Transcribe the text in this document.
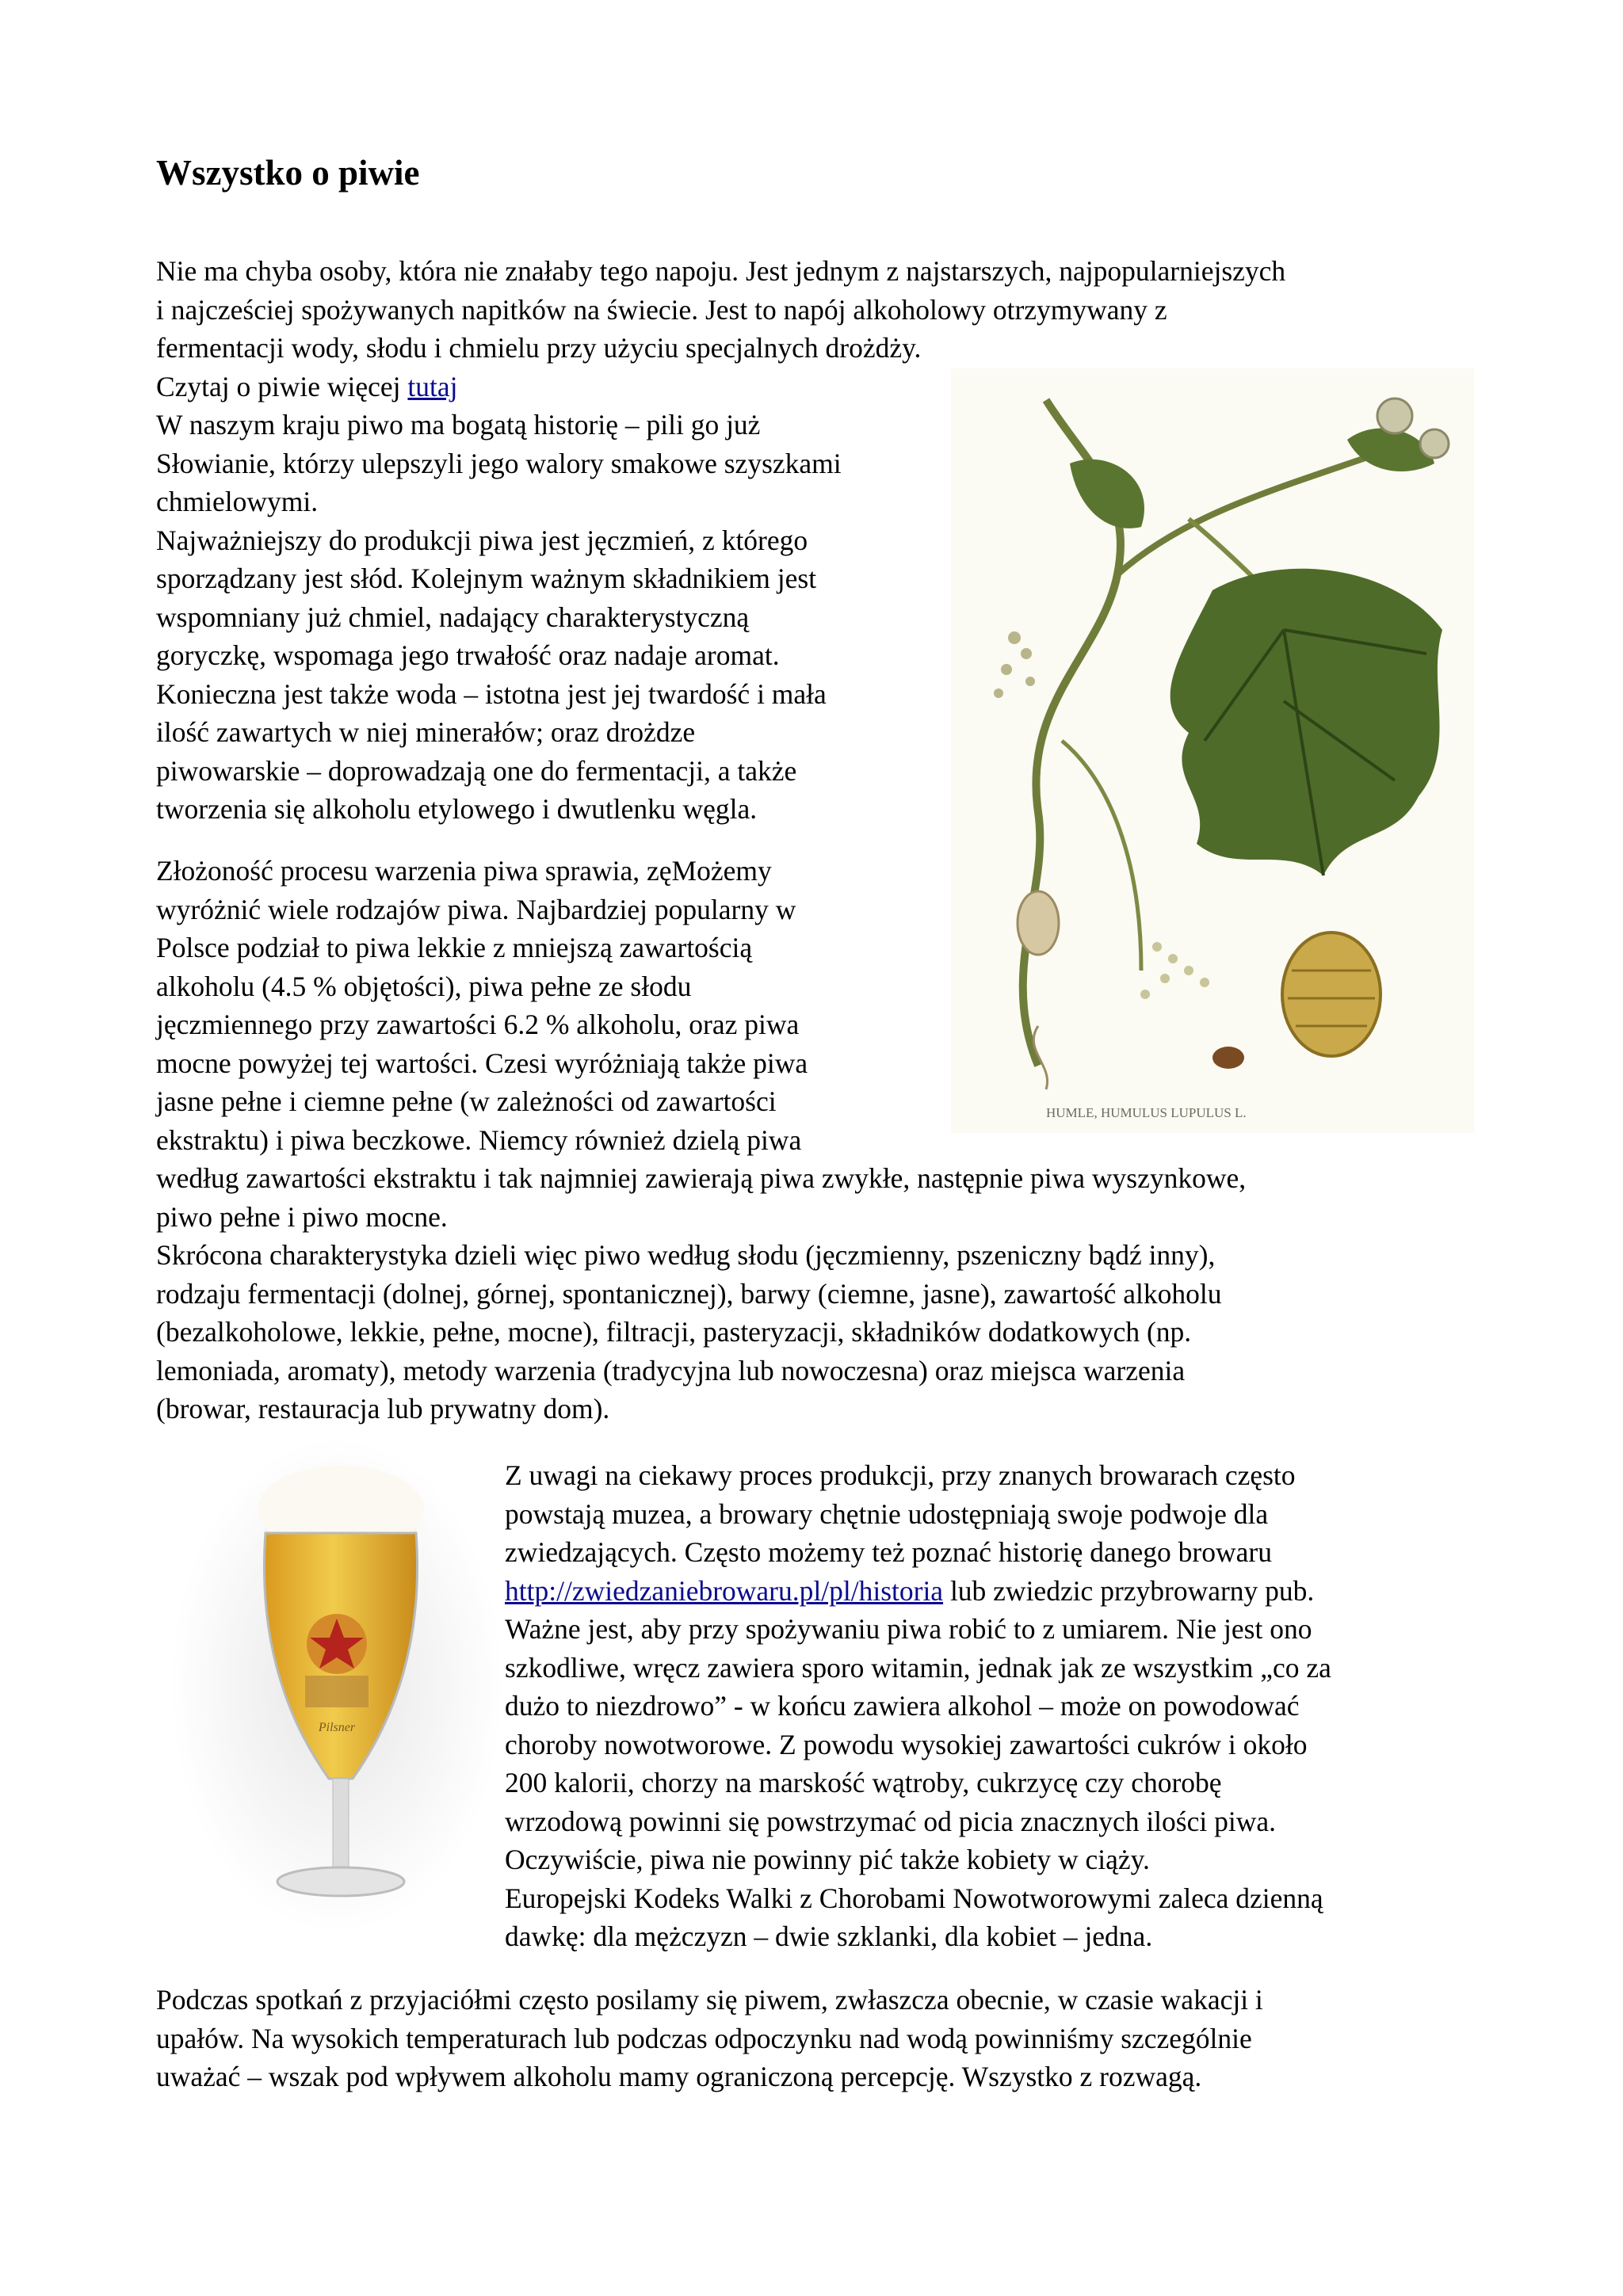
Wszystko o piwie

Nie ma chyba osoby, która nie znałaby tego napoju. Jest jednym z najstarszych, najpopularniejszych

i najcześciej spożywanych napitków na świecie. Jest to napój alkoholowy otrzymywany z

fermentacji wody, słodu i chmielu przy użyciu specjalnych drożdży.

Czytaj o piwie więcej tutaj

W naszym kraju piwo ma bogatą historię – pili go już

Słowianie, którzy ulepszyli jego walory smakowe szyszkami

chmielowymi.

Najważniejszy do produkcji piwa jest jęczmień, z którego

sporządzany jest słód. Kolejnym ważnym składnikiem jest

wspomniany już chmiel, nadający charakterystyczną

goryczkę, wspomaga jego trwałość oraz nadaje aromat.

Konieczna jest także woda – istotna jest jej twardość i mała

ilość zawartych w niej minerałów; oraz drożdze

piwowarskie – doprowadzają one do fermentacji, a także

tworzenia się alkoholu etylowego i dwutlenku węgla.

Złożoność procesu warzenia piwa sprawia, zęMożemy

wyróżnić wiele rodzajów piwa. Najbardziej popularny w

Polsce podział to piwa lekkie z mniejszą zawartością

alkoholu (4.5 % objętości), piwa pełne ze słodu

jęczmiennego przy zawartości 6.2 % alkoholu, oraz piwa

mocne powyżej tej wartości. Czesi wyróżniają także piwa

jasne pełne i ciemne pełne (w zależności od zawartości

ekstraktu) i piwa beczkowe. Niemcy również dzielą piwa

według zawartości ekstraktu i tak najmniej zawierają piwa zwykłe, następnie piwa wyszynkowe,

piwo pełne i piwo mocne.

Skrócona charakterystyka dzieli więc piwo według słodu (jęczmienny, pszeniczny bądź inny),

rodzaju fermentacji (dolnej, górnej, spontanicznej), barwy (ciemne, jasne), zawartość alkoholu

(bezalkoholowe, lekkie, pełne, mocne), filtracji, pasteryzacji, składników dodatkowych (np.

lemoniada, aromaty), metody warzenia (tradycyjna lub nowoczesna) oraz miejsca warzenia

(browar, restauracja lub prywatny dom).

HUMLE, HUMULUS LUPULUS L.
Pilsner

Z uwagi na ciekawy proces produkcji, przy znanych browarach często

powstają muzea, a browary chętnie udostępniają swoje podwoje dla

zwiedzających. Często możemy też poznać historię danego browaru

http://zwiedzaniebrowaru.pl/pl/historia lub zwiedzic przybrowarny pub.

Ważne jest, aby przy spożywaniu piwa robić to z umiarem. Nie jest ono

szkodliwe, wręcz zawiera sporo witamin, jednak jak ze wszystkim „co za

dużo to niezdrowo” - w końcu zawiera alkohol – może on powodować

choroby nowotworowe. Z powodu wysokiej zawartości cukrów i około

200 kalorii, chorzy na marskość wątroby, cukrzycę czy chorobę

wrzodową powinni się powstrzymać od picia znacznych ilości piwa.

Oczywiście, piwa nie powinny pić także kobiety w ciąży.

Europejski Kodeks Walki z Chorobami Nowotworowymi zaleca dzienną

dawkę: dla mężczyzn – dwie szklanki, dla kobiet – jedna.

Podczas spotkań z przyjaciółmi często posilamy się piwem, zwłaszcza obecnie, w czasie wakacji i

upałów. Na wysokich temperaturach lub podczas odpoczynku nad wodą powinniśmy szczególnie

uważać – wszak pod wpływem alkoholu mamy ograniczoną percepcję. Wszystko z rozwagą.
